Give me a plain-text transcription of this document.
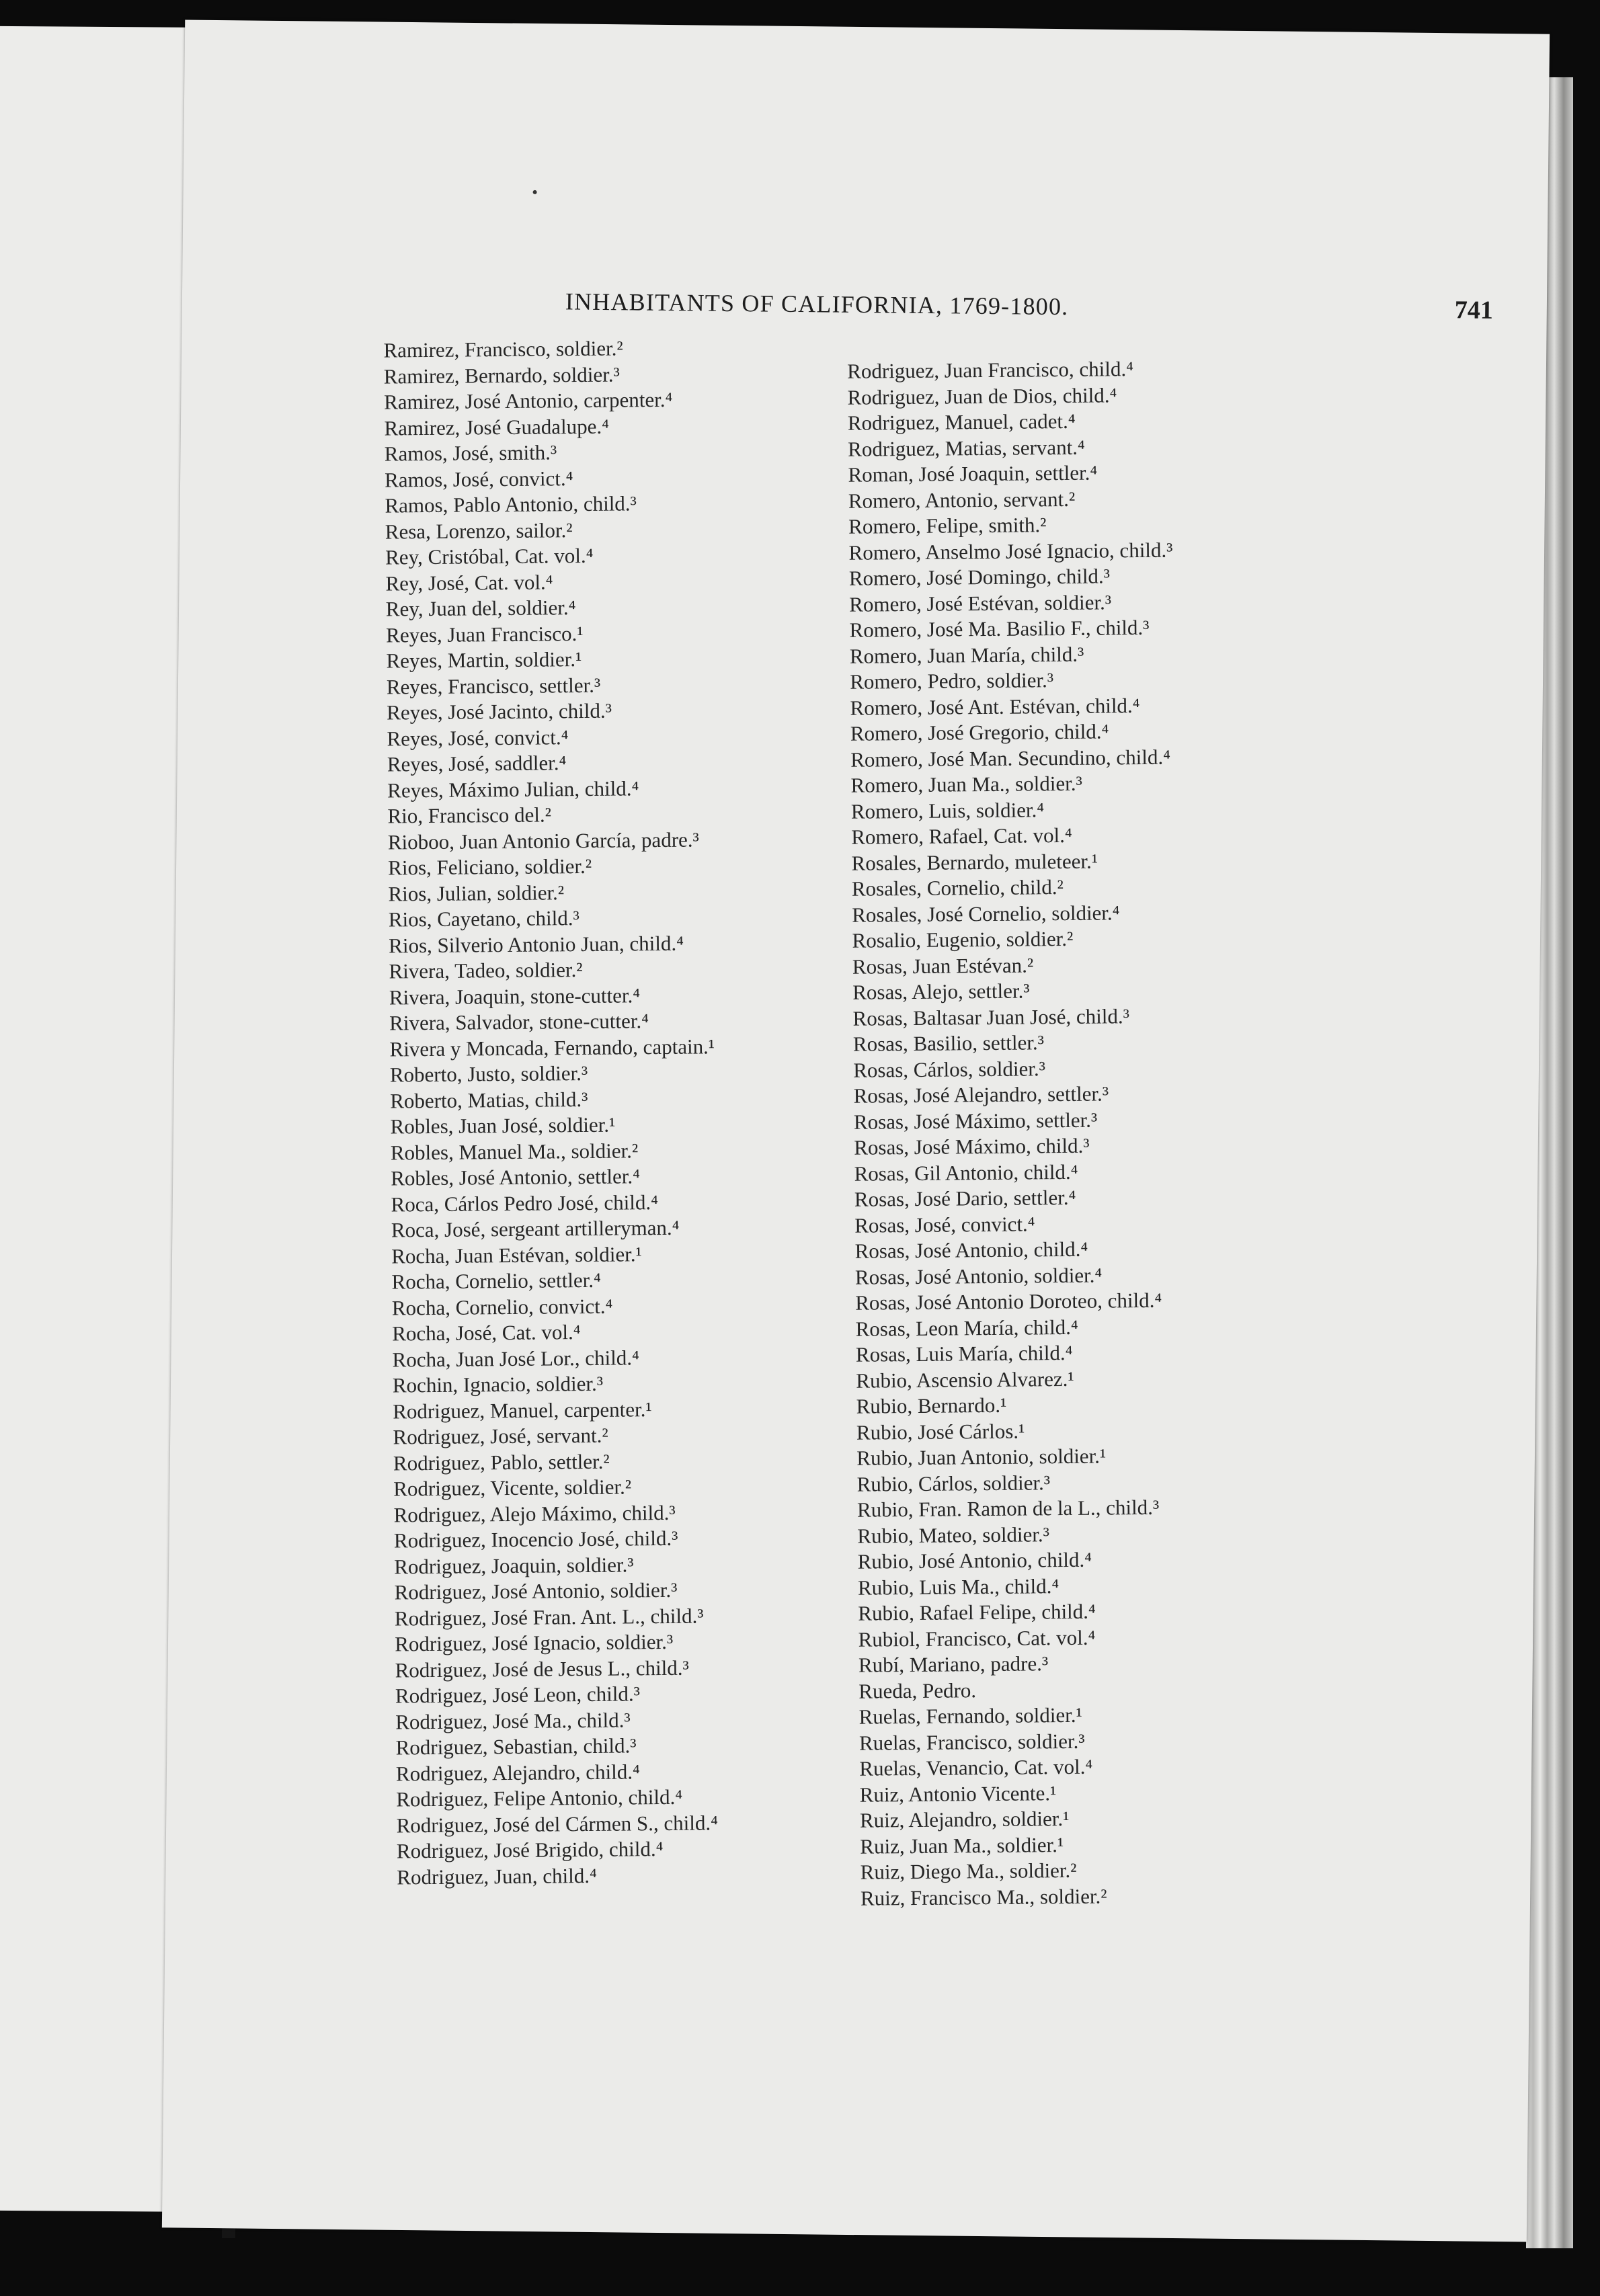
INHABITANTS OF CALIFORNIA, 1769-1800.	741
Ramirez, Francisco, soldier.²
Ramirez, Bernardo, soldier.³
Ramirez, José Antonio, carpenter.⁴
Ramirez, José Guadalupe.⁴
Ramos, José, smith.³
Ramos, José, convict.⁴
Ramos, Pablo Antonio, child.³
Resa, Lorenzo, sailor.²
Rey, Cristóbal, Cat. vol.⁴
Rey, José, Cat. vol.⁴
Rey, Juan del, soldier.⁴
Reyes, Juan Francisco.¹
Reyes, Martin, soldier.¹
Reyes, Francisco, settler.³
Reyes, José Jacinto, child.³
Reyes, José, convict.⁴
Reyes, José, saddler.⁴
Reyes, Máximo Julian, child.⁴
Rio, Francisco del.²
Rioboo, Juan Antonio García, padre.³
Rios, Feliciano, soldier.²
Rios, Julian, soldier.²
Rios, Cayetano, child.³
Rios, Silverio Antonio Juan, child.⁴
Rivera, Tadeo, soldier.²
Rivera, Joaquin, stone-cutter.⁴
Rivera, Salvador, stone-cutter.⁴
Rivera y Moncada, Fernando, captain.¹
Roberto, Justo, soldier.³
Roberto, Matias, child.³
Robles, Juan José, soldier.¹
Robles, Manuel Ma., soldier.²
Robles, José Antonio, settler.⁴
Roca, Cárlos Pedro José, child.⁴
Roca, José, sergeant artilleryman.⁴
Rocha, Juan Estévan, soldier.¹
Rocha, Cornelio, settler.⁴
Rocha, Cornelio, convict.⁴
Rocha, José, Cat. vol.⁴
Rocha, Juan José Lor., child.⁴
Rochin, Ignacio, soldier.³
Rodriguez, Manuel, carpenter.¹
Rodriguez, José, servant.²
Rodriguez, Pablo, settler.²
Rodriguez, Vicente, soldier.²
Rodriguez, Alejo Máximo, child.³
Rodriguez, Inocencio José, child.³
Rodriguez, Joaquin, soldier.³
Rodriguez, José Antonio, soldier.³
Rodriguez, José Fran. Ant. L., child.³
Rodriguez, José Ignacio, soldier.³
Rodriguez, José de Jesus L., child.³
Rodriguez, José Leon, child.³
Rodriguez, José Ma., child.³
Rodriguez, Sebastian, child.³
Rodriguez, Alejandro, child.⁴
Rodriguez, Felipe Antonio, child.⁴
Rodriguez, José del Cármen S., child.⁴
Rodriguez, José Brigido, child.⁴
Rodriguez, Juan, child.⁴
Rodriguez, Juan Francisco, child.⁴
Rodriguez, Juan de Dios, child.⁴
Rodriguez, Manuel, cadet.⁴
Rodriguez, Matias, servant.⁴
Roman, José Joaquin, settler.⁴
Romero, Antonio, servant.²
Romero, Felipe, smith.²
Romero, Anselmo José Ignacio, child.³
Romero, José Domingo, child.³
Romero, José Estévan, soldier.³
Romero, José Ma. Basilio F., child.³
Romero, Juan María, child.³
Romero, Pedro, soldier.³
Romero, José Ant. Estévan, child.⁴
Romero, José Gregorio, child.⁴
Romero, José Man. Secundino, child.⁴
Romero, Juan Ma., soldier.³
Romero, Luis, soldier.⁴
Romero, Rafael, Cat. vol.⁴
Rosales, Bernardo, muleteer.¹
Rosales, Cornelio, child.²
Rosales, José Cornelio, soldier.⁴
Rosalio, Eugenio, soldier.²
Rosas, Juan Estévan.²
Rosas, Alejo, settler.³
Rosas, Baltasar Juan José, child.³
Rosas, Basilio, settler.³
Rosas, Cárlos, soldier.³
Rosas, José Alejandro, settler.³
Rosas, José Máximo, settler.³
Rosas, José Máximo, child.³
Rosas, Gil Antonio, child.⁴
Rosas, José Dario, settler.⁴
Rosas, José, convict.⁴
Rosas, José Antonio, child.⁴
Rosas, José Antonio, soldier.⁴
Rosas, José Antonio Doroteo, child.⁴
Rosas, Leon María, child.⁴
Rosas, Luis María, child.⁴
Rubio, Ascensio Alvarez.¹
Rubio, Bernardo.¹
Rubio, José Cárlos.¹
Rubio, Juan Antonio, soldier.¹
Rubio, Cárlos, soldier.³
Rubio, Fran. Ramon de la L., child.³
Rubio, Mateo, soldier.³
Rubio, José Antonio, child.⁴
Rubio, Luis Ma., child.⁴
Rubio, Rafael Felipe, child.⁴
Rubiol, Francisco, Cat. vol.⁴
Rubí, Mariano, padre.³
Rueda, Pedro.
Ruelas, Fernando, soldier.¹
Ruelas, Francisco, soldier.³
Ruelas, Venancio, Cat. vol.⁴
Ruiz, Antonio Vicente.¹
Ruiz, Alejandro, soldier.¹
Ruiz, Juan Ma., soldier.¹
Ruiz, Diego Ma., soldier.²
Ruiz, Francisco Ma., soldier.²
